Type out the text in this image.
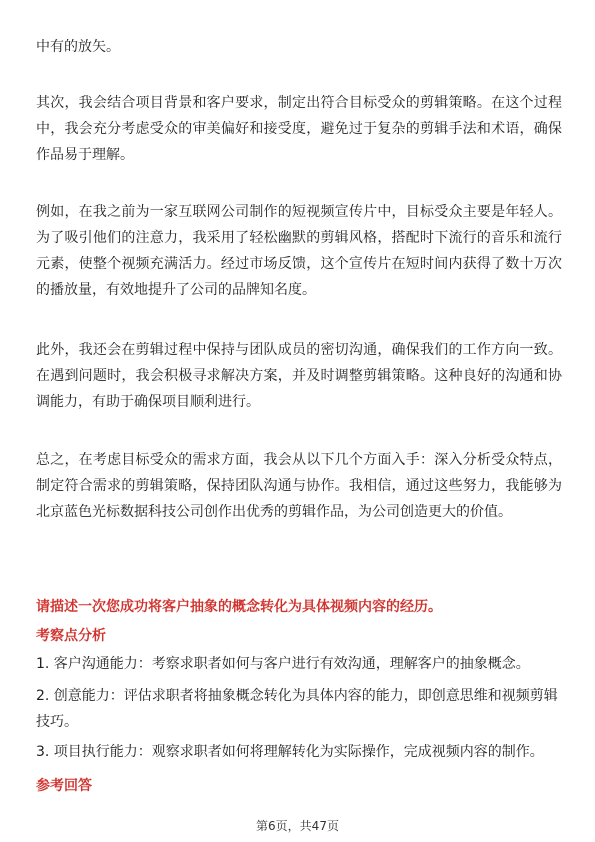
中有的放矢。

其次，我会结合项目背景和客户要求，制定出符合目标受众的剪辑策略。在这个过程中，我会充分考虑受众的审美偏好和接受度，避免过于复杂的剪辑手法和术语，确保作品易于理解。

例如，在我之前为一家互联网公司制作的短视频宣传片中，目标受众主要是年轻人。为了吸引他们的注意力，我采用了轻松幽默的剪辑风格，搭配时下流行的音乐和流行元素，使整个视频充满活力。经过市场反馈，这个宣传片在短时间内获得了数十万次的播放量，有效地提升了公司的品牌知名度。

此外，我还会在剪辑过程中保持与团队成员的密切沟通，确保我们的工作方向一致。在遇到问题时，我会积极寻求解决方案，并及时调整剪辑策略。这种良好的沟通和协调能力，有助于确保项目顺利进行。

总之，在考虑目标受众的需求方面，我会从以下几个方面入手：深入分析受众特点，制定符合需求的剪辑策略，保持团队沟通与协作。我相信，通过这些努力，我能够为北京蓝色光标数据科技公司创作出优秀的剪辑作品，为公司创造更大的价值。

请描述一次您成功将客户抽象的概念转化为具体视频内容的经历。

考察点分析

1. 客户沟通能力：考察求职者如何与客户进行有效沟通，理解客户的抽象概念。

2. 创意能力：评估求职者将抽象概念转化为具体内容的能力，即创意思维和视频剪辑技巧。

3. 项目执行能力：观察求职者如何将理解转化为实际操作，完成视频内容的制作。

参考回答

第6页，共47页
